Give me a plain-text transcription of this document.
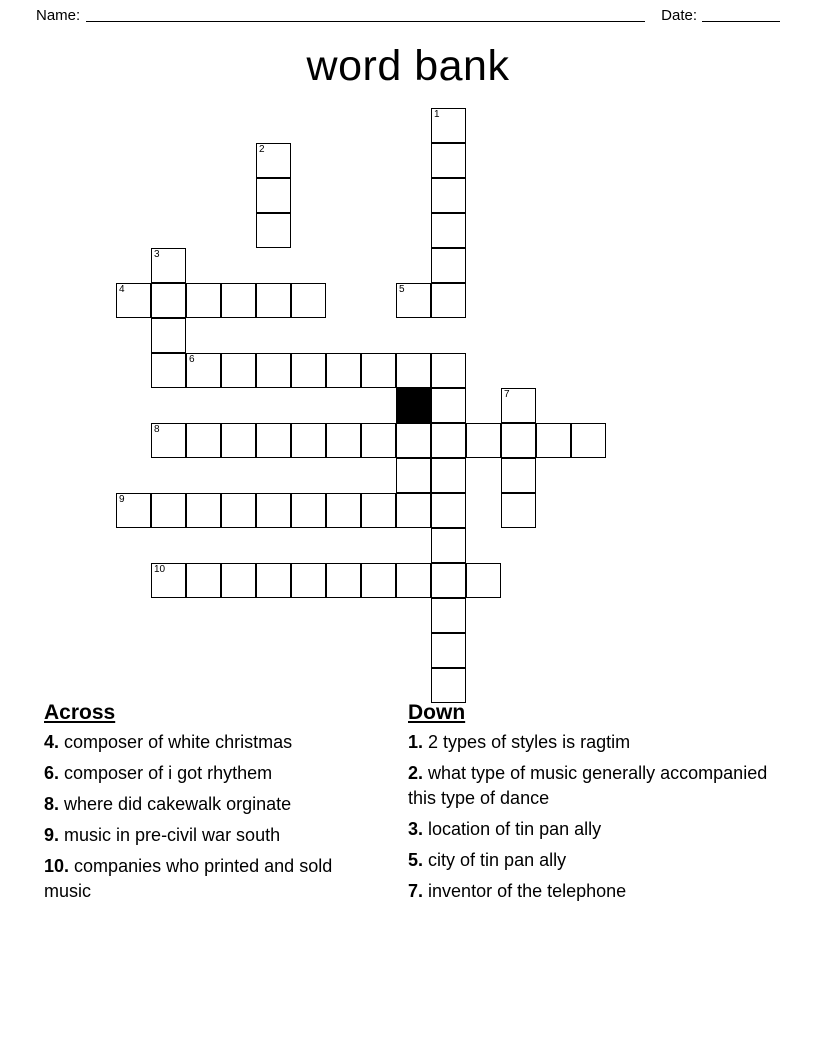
Name:	Date:
word bank
1
2
3
4	5
6
7
8
9
10
Across
4. composer of white christmas
6. composer of i got rhythem
8. where did cakewalk orginate
9. music in pre-civil war south
10. companies who printed and sold music
Down
1. 2 types of styles is ragtim
2. what type of music generally accompanied this type of dance
3. location of tin pan ally
5. city of tin pan ally
7. inventor of the telephone
